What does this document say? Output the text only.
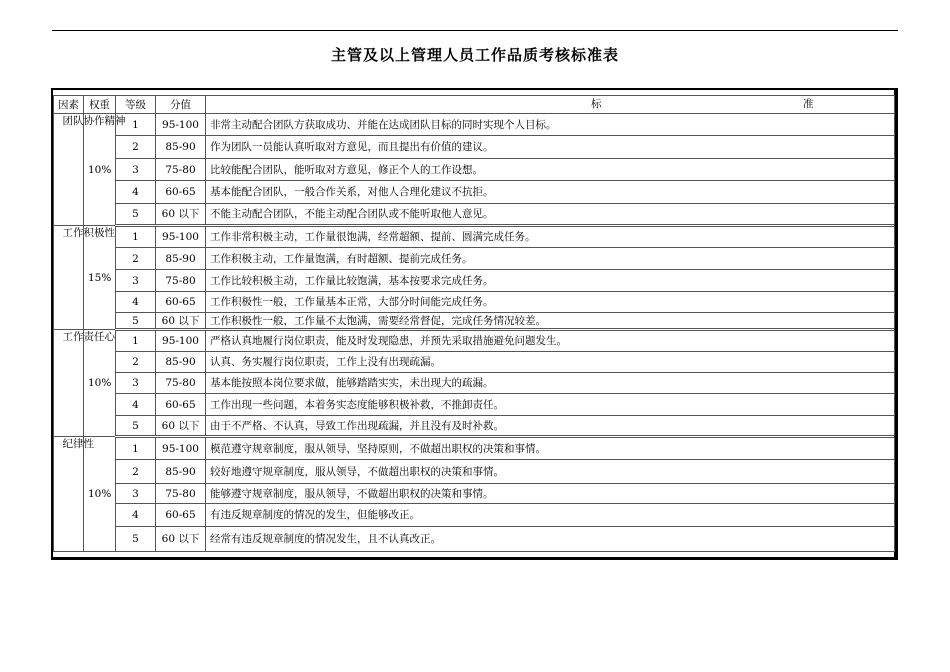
主管及以上管理人员工作品质考核标准表
因素	权重	等级	分值	标 准

团队协作精神	10%	1	95-100	非常主动配合团队方获取成功、并能在达成团队目标的同时实现个人目标。
		2	85-90	作为团队一员能认真听取对方意见，而且提出有价值的建议。
		3	75-80	比较能配合团队，能听取对方意见，修正个人的工作设想。
		4	60-65	基本能配合团队，一般合作关系，对他人合理化建议不抗拒。
		5	60 以下	不能主动配合团队，不能主动配合团队或不能听取他人意见。

工作积极性	15%	1	95-100	工作非常积极主动，工作量很饱满，经常超额、提前、圆满完成任务。
		2	85-90	工作积极主动，工作量饱满，有时超额、提前完成任务。
		3	75-80	工作比较积极主动，工作量比较饱满，基本按要求完成任务。
		4	60-65	工作积极性一般，工作量基本正常，大部分时间能完成任务。
		5	60 以下	工作积极性一般，工作量不太饱满，需要经常督促，完成任务情况较差。

工作责任心	10%	1	95-100	严格认真地履行岗位职责，能及时发现隐患，并预先采取措施避免问题发生。
		2	85-90	认真、务实履行岗位职责，工作上没有出现疏漏。
		3	75-80	基本能按照本岗位要求做，能够踏踏实实，未出现大的疏漏。
		4	60-65	工作出现一些问题，本着务实态度能够积极补救，不推卸责任。
		5	60 以下	由于不严格、不认真，导致工作出现疏漏，并且没有及时补救。

纪律性	10%	1	95-100	模范遵守规章制度，服从领导，坚持原则，不做超出职权的决策和事情。
		2	85-90	较好地遵守规章制度，服从领导，不做超出职权的决策和事情。
		3	75-80	能够遵守规章制度，服从领导，不做超出职权的决策和事情。
		4	60-65	有违反规章制度的情况的发生，但能够改正。
		5	60 以下	经常有违反规章制度的情况发生，且不认真改正。
